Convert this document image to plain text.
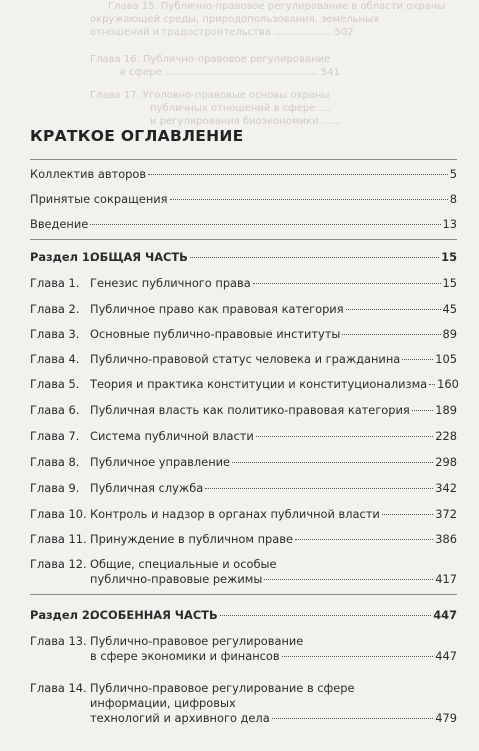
Глава 15. Публично-правовое регулирование в области охраны
окружающей среды, природопользования, земельных
отношений и градостроительства .................. 502
Глава 16. Публично-правовое регулирование
в сфере ................................................ 541
Глава 17. Уголовно-правовые основы охраны
публичных отношений в сфере ....
и регулирования биоэкономики ......
КРАТКОЕ ОГЛАВЛЕНИЕ
Коллектив авторов	5
Принятые сокращения	8
Введение	13
Раздел 1.
ОБЩАЯ ЧАСТЬ	15
Глава 1. Генезис публичного права	15
Глава 2. Публичное право как правовая категория	45
Глава 3. Основные публично-правовые институты	89
Глава 4. Публично-правовой статус человека и гражданина	105
Глава 5. Теория и практика конституции и конституционализма 160
Глава 6. Публичная власть как политико-правовая категория 189
Глава 7. Система публичной власти	228
Глава 8. Публичное управление	298
Глава 9. Публичная служба	342
Глава 10. Контроль и надзор в органах публичной власти	372
Глава 11. Принуждение в публичном праве	386
Глава 12. Общие, специальные и особые
публично-правовые режимы	417
Раздел 2.
ОСОБЕННАЯ ЧАСТЬ	447
Глава 13. Публично-правовое регулирование
в сфере экономики и финансов	447
Глава 14. Публично-правовое регулирование в сфере
информации, цифровых
технологий и архивного дела	479
